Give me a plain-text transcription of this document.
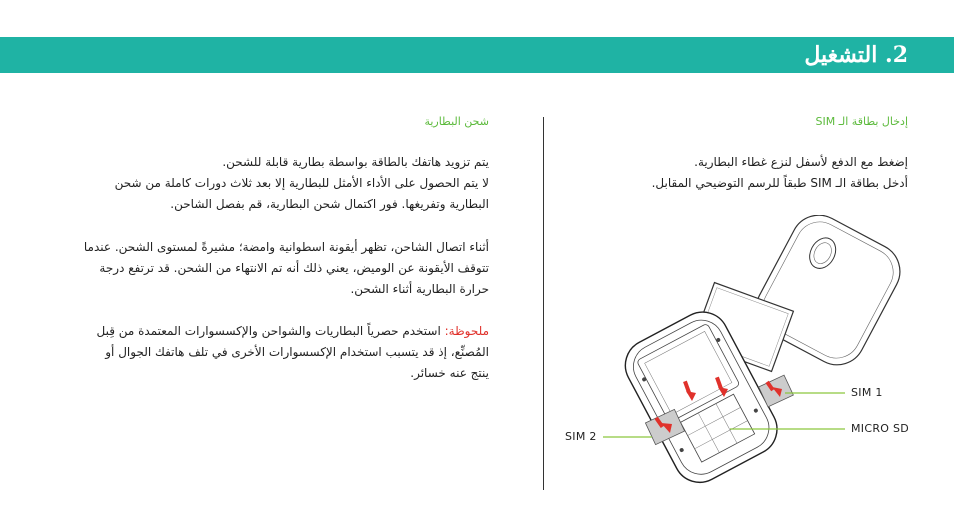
2. التشغيل
إدخال بطاقة الـ SIM
إضغط مع الدفع لأسفل لنزع غطاء البطارية.
أدخل بطاقة الـ SIM طبقاً للرسم التوضيحي المقابل.
شحن البطارية
يتم تزويد هاتفك بالطاقة بواسطة بطارية قابلة للشحن.
لا يتم الحصول على الأداء الأمثل للبطارية إلا بعد ثلاث دورات كاملة من شحن
البطارية وتفريغها. فور اكتمال شحن البطارية، قم بفصل الشاحن.
أثناء اتصال الشاحن، تظهر أيقونة اسطوانية وامضة؛ مشيرةً لمستوى الشحن. عندما
تتوقف الأيقونة عن الوميض، يعني ذلك أنه تم الانتهاء من الشحن. قد ترتفع درجة
حرارة البطارية أثناء الشحن.
ملحوظة: استخدم حصرياً البطاريات والشواحن والإكسسوارات المعتمدة من قِبل
المُصنِّع، إذ قد يتسبب استخدام الإكسسوارات الأخرى في تلف هاتفك الجوال أو
ينتج عنه خسائر.
SIM 1
MICRO SD
SIM 2
